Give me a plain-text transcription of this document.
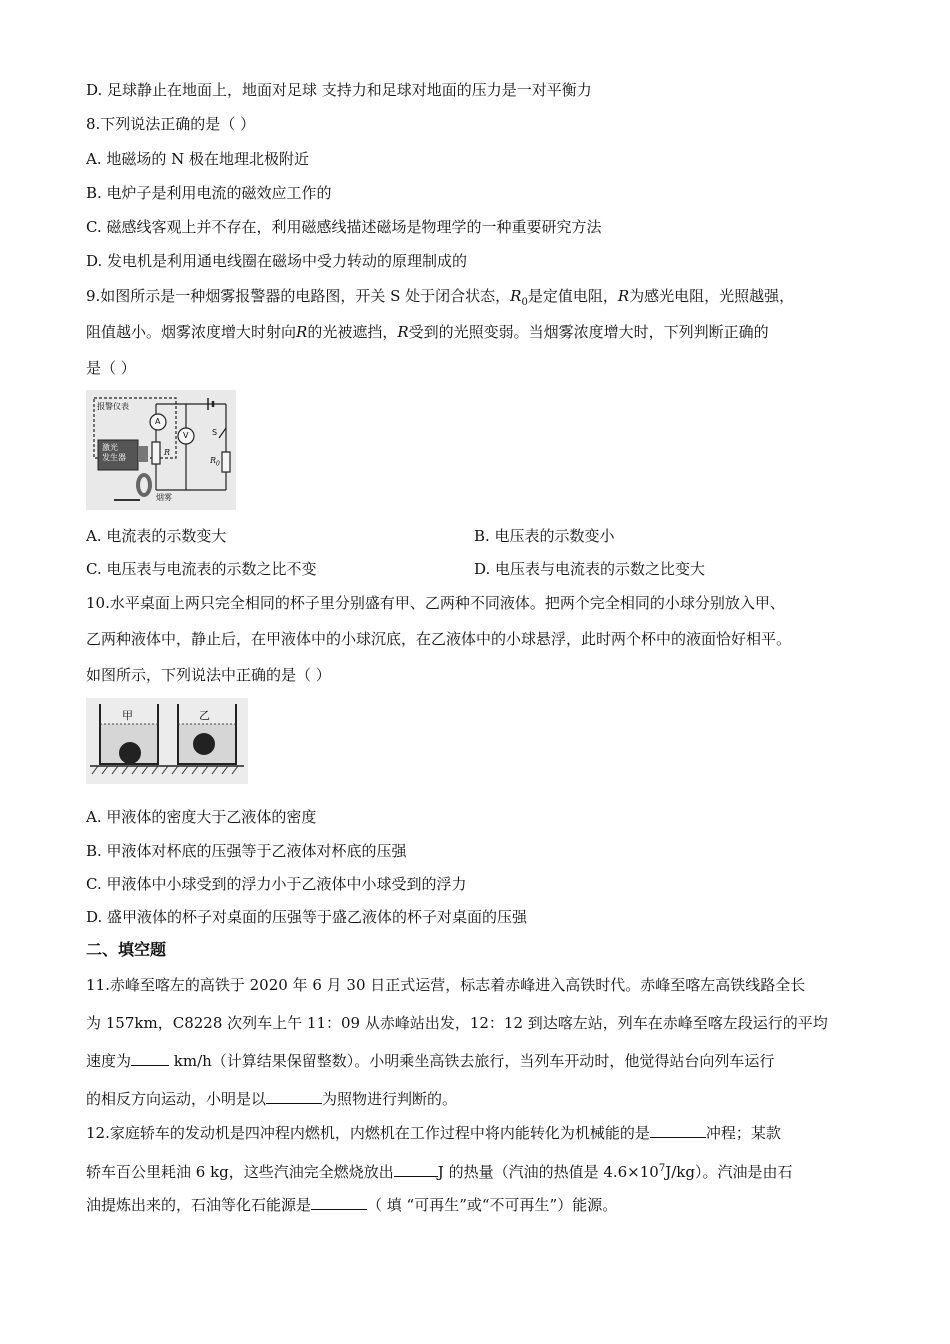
D. 足球静止在地面上，地面对足球 支持力和足球对地面的压力是一对平衡力
8.下列说法正确的是（ ）
A. 地磁场的 N 极在地理北极附近
B. 电炉子是利用电流的磁效应工作的
C. 磁感线客观上并不存在，利用磁感线描述磁场是物理学的一种重要研究方法
D. 发电机是利用通电线圈在磁场中受力转动的原理制成的
9.如图所示是一种烟雾报警器的电路图，开关 S 处于闭合状态，$R_0$是定值电阻，R为感光电阻，光照越强，
阻值越小。烟雾浓度增大时射向R的光被遮挡，R受到的光照变弱。当烟雾浓度增大时，下列判断正确的
是（ ）
报警仪表
A
V	S
R
$R_0$
激光
发生器
烟雾
A. 电流表的示数变大	B. 电压表的示数变小
C. 电压表与电流表的示数之比不变	D. 电压表与电流表的示数之比变大
10.水平桌面上两只完全相同的杯子里分别盛有甲、乙两种不同液体。把两个完全相同的小球分别放入甲、
乙两种液体中，静止后，在甲液体中的小球沉底，在乙液体中的小球悬浮，此时两个杯中的液面恰好相平。
如图所示，下列说法中正确的是（ ）
甲	乙
A. 甲液体的密度大于乙液体的密度
B. 甲液体对杯底的压强等于乙液体对杯底的压强
C. 甲液体中小球受到的浮力小于乙液体中小球受到的浮力
D. 盛甲液体的杯子对桌面的压强等于盛乙液体的杯子对桌面的压强
二、填空题
11.赤峰至喀左的高铁于 2020 年 6 月 30 日正式运营，标志着赤峰进入高铁时代。赤峰至喀左高铁线路全长
为 157km，C8228 次列车上午 11：09 从赤峰站出发，12：12 到达喀左站，列车在赤峰至喀左段运行的平均
速度为	km/h（计算结果保留整数）。小明乘坐高铁去旅行，当列车开动时，他觉得站台向列车运行
的相反方向运动，小明是以	为照物进行判断的。
12.家庭轿车的发动机是四冲程内燃机，内燃机在工作过程中将内能转化为机械能的是	冲程；某款
轿车百公里耗油 6 kg，这些汽油完全燃烧放出	J 的热量（汽油的热值是 $4.6\times 10^7J/kg$）。汽油是由石
油提炼出来的，石油等化石能源是	（ 填 “可再生”或“不可再生”）能源。
